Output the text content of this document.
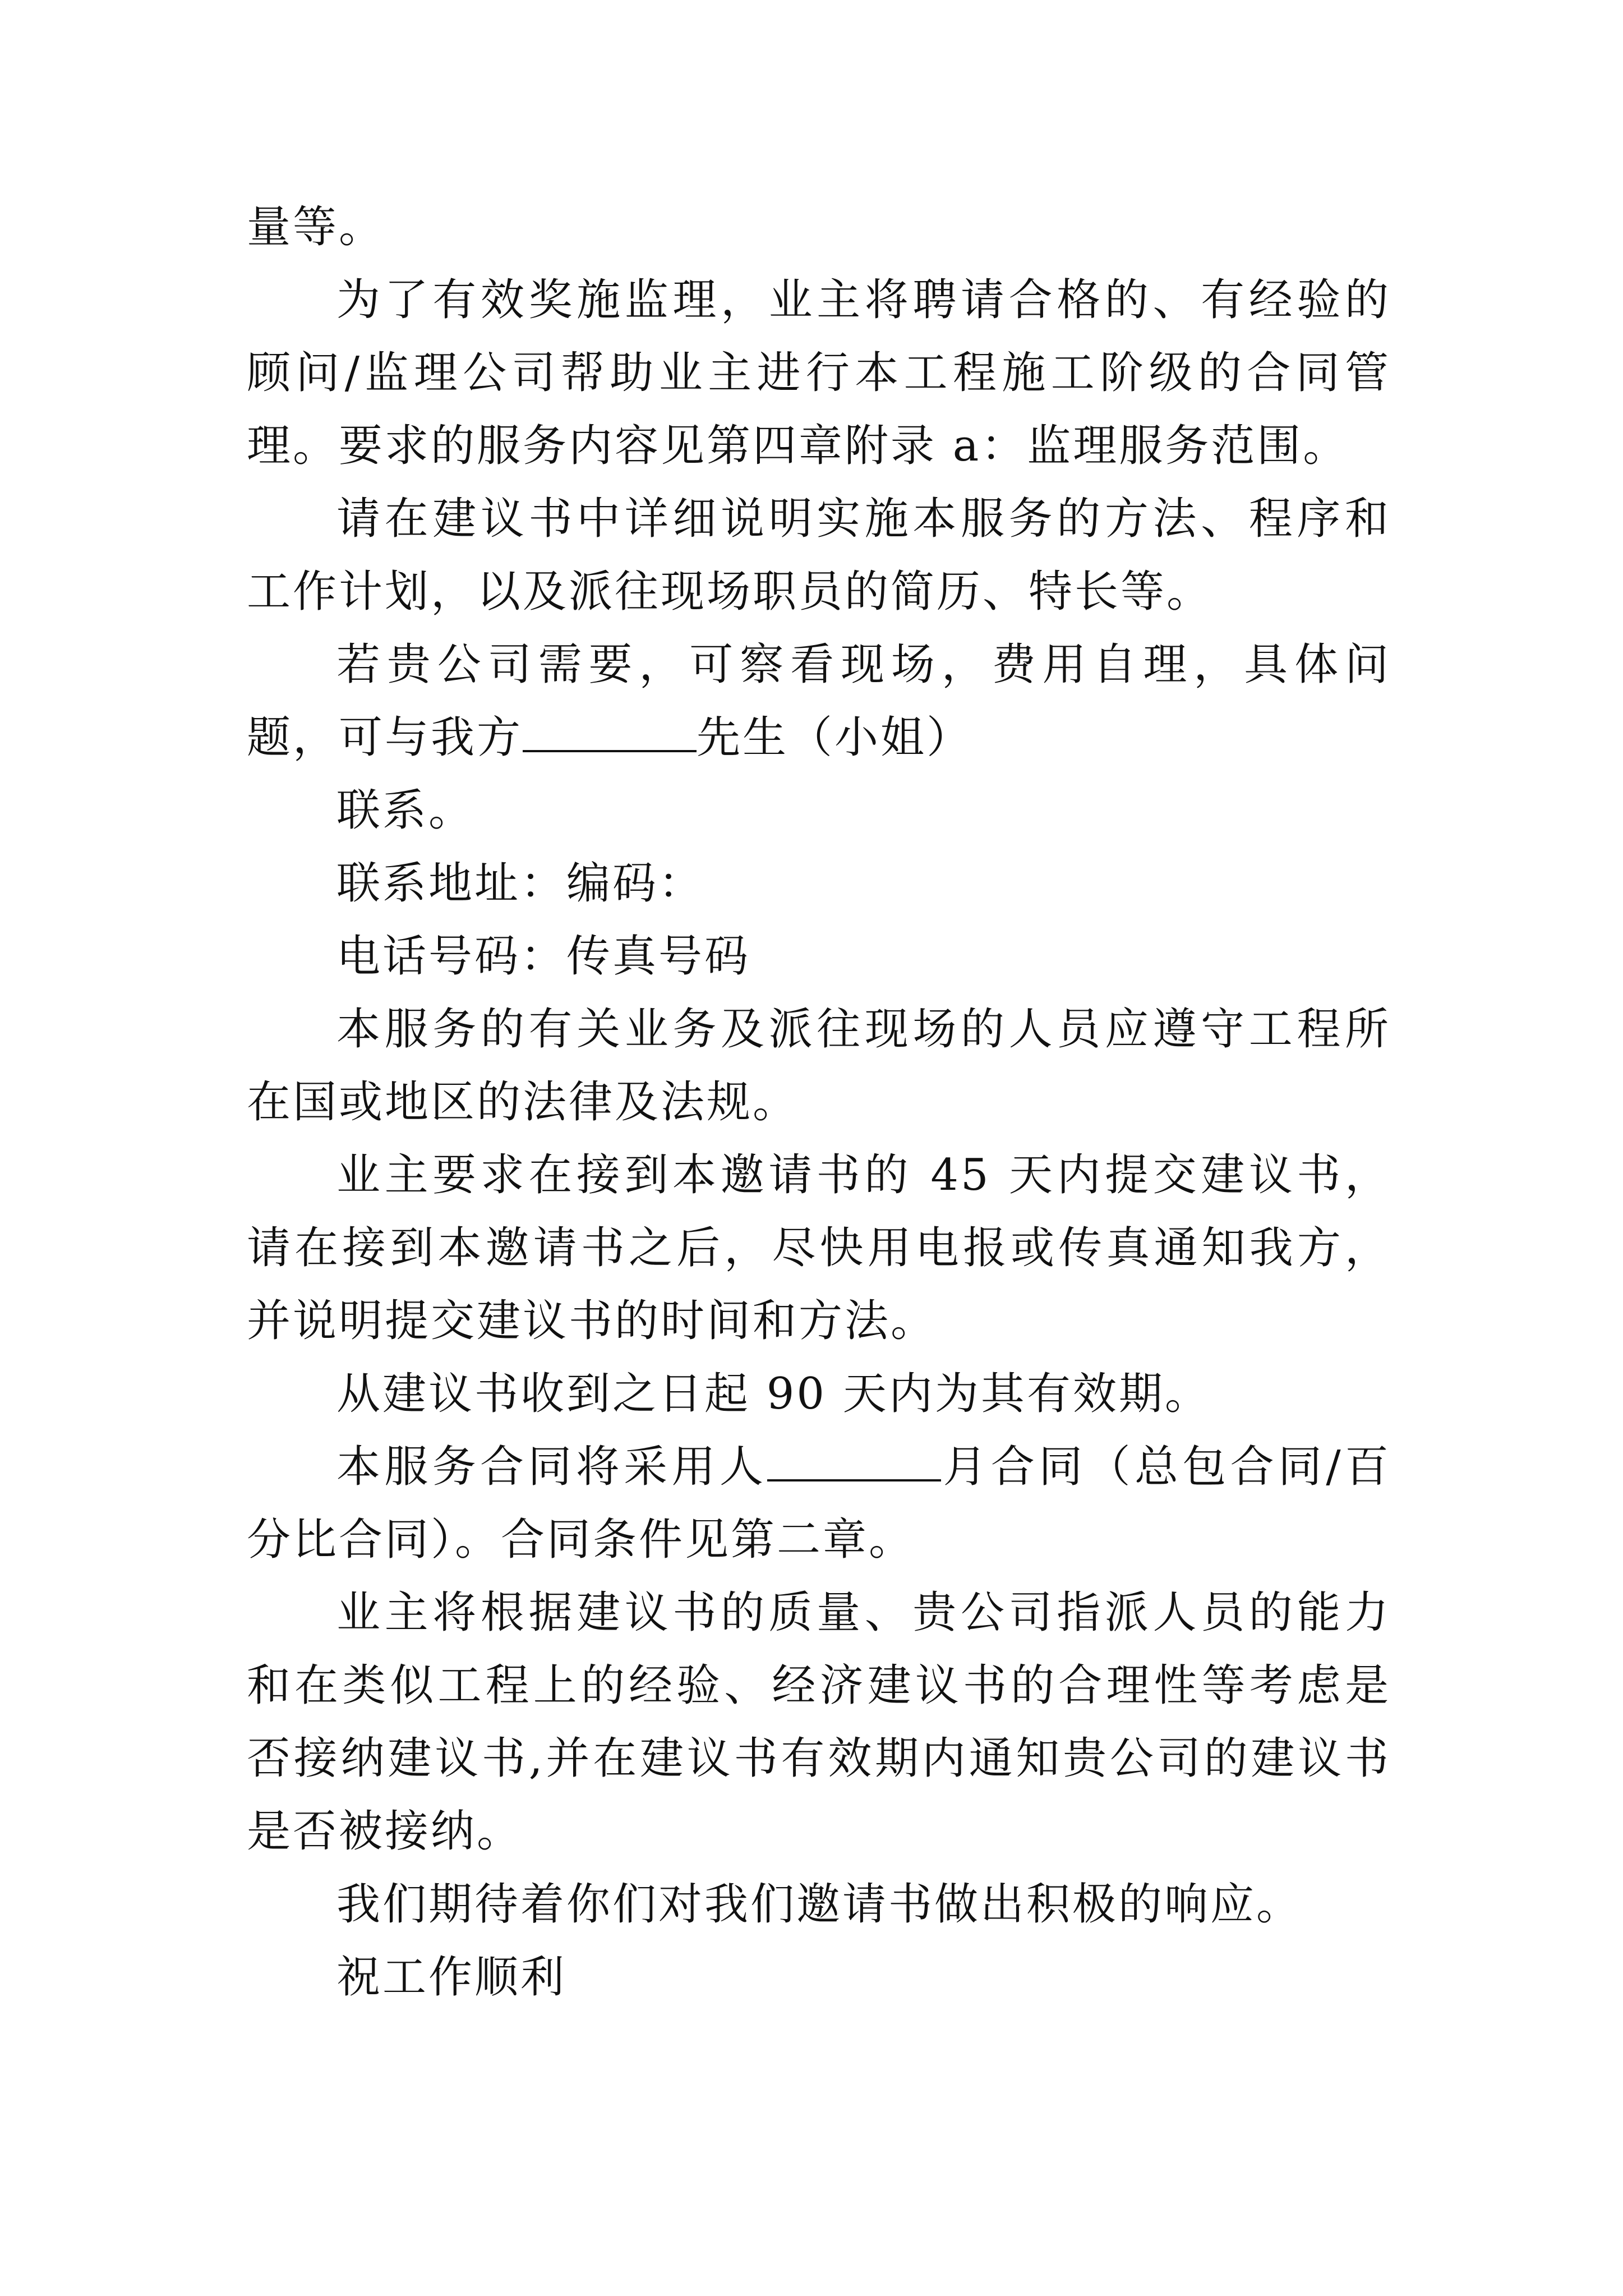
量等。

为了有效奖施监理，业主将聘请合格的、有经验的顾问/监理公司帮助业主进行本工程施工阶级的合同管理。要求的服务内容见第四章附录 a：监理服务范围。

请在建议书中详细说明实施本服务的方法、程序和工作计划，以及派往现场职员的简历、特长等。

若贵公司需要，可察看现场，费用自理，具体问题，可与我方	先生（小姐）

联系。

联系地址：编码：

电话号码：传真号码

本服务的有关业务及派往现场的人员应遵守工程所在国或地区的法律及法规。

业主要求在接到本邀请书的 45 天内提交建议书，请在接到本邀请书之后，尽快用电报或传真通知我方，并说明提交建议书的时间和方法。

从建议书收到之日起 90 天内为其有效期。

本服务合同将采用人	月合同（总包合同/百分比合同）。合同条件见第二章。

业主将根据建议书的质量、贵公司指派人员的能力和在类似工程上的经验、经济建议书的合理性等考虑是否接纳建议书,并在建议书有效期内通知贵公司的建议书是否被接纳。

我们期待着你们对我们邀请书做出积极的响应。

祝工作顺利
